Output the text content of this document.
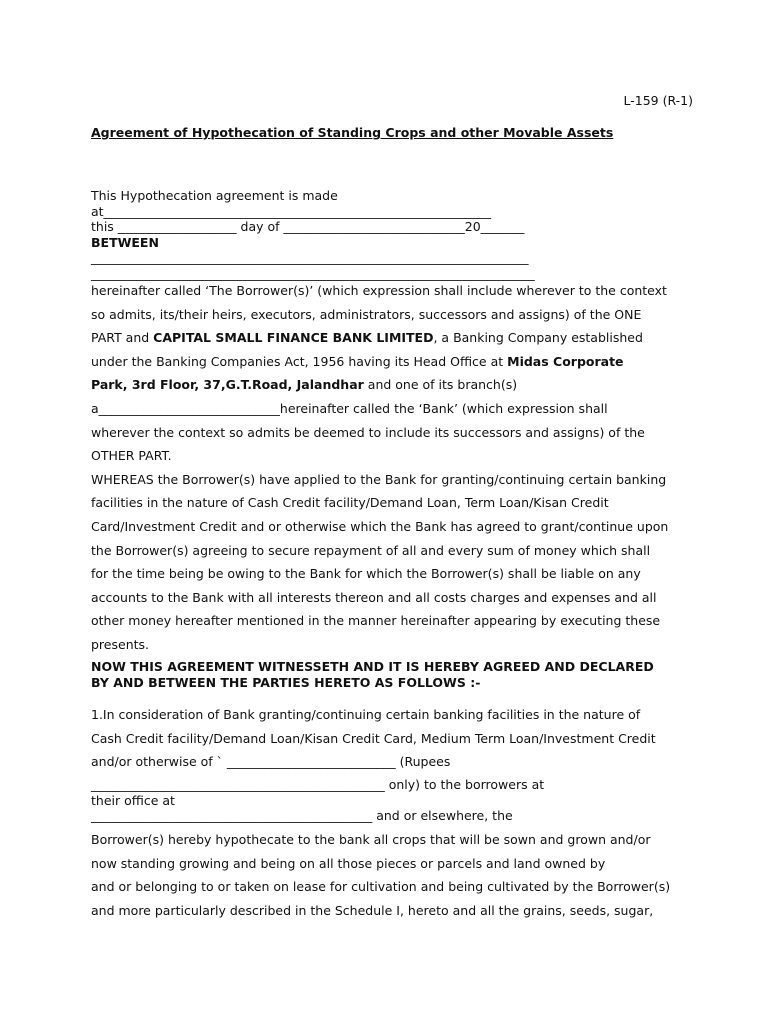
L-159 (R-1)
Agreement of Hypothecation of Standing Crops and other Movable Assets
This Hypothecation agreement is made
at______________________________________________________________
this ___________________ day of _____________________________20_______
BETWEEN
______________________________________________________________________
_______________________________________________________________________
hereinafter called ‘The Borrower(s)’ (which expression shall include wherever to the context
so admits, its/their heirs, executors, administrators, successors and assigns) of the ONE
PART and CAPITAL SMALL FINANCE BANK LIMITED, a Banking Company established
under the Banking Companies Act, 1956 having its Head Office at Midas Corporate
Park, 3rd Floor, 37,G.T.Road, Jalandhar and one of its branch(s)
a_____________________________hereinafter called the ‘Bank’ (which expression shall
wherever the context so admits be deemed to include its successors and assigns) of the
OTHER PART.
WHEREAS the Borrower(s) have applied to the Bank for granting/continuing certain banking
facilities in the nature of Cash Credit facility/Demand Loan, Term Loan/Kisan Credit
Card/Investment Credit and or otherwise which the Bank has agreed to grant/continue upon
the Borrower(s) agreeing to secure repayment of all and every sum of money which shall
for the time being be owing to the Bank for which the Borrower(s) shall be liable on any
accounts to the Bank with all interests thereon and all costs charges and expenses and all
other money hereafter mentioned in the manner hereinafter appearing by executing these
presents.
NOW THIS AGREEMENT WITNESSETH AND IT IS HEREBY AGREED AND DECLARED
BY AND BETWEEN THE PARTIES HERETO AS FOLLOWS :-
1.In consideration of Bank granting/continuing certain banking facilities in the nature of
Cash Credit facility/Demand Loan/Kisan Credit Card, Medium Term Loan/Investment Credit
and/or otherwise of ` ___________________________ (Rupees
_______________________________________________ only) to the borrowers at
their office at
_____________________________________________ and or elsewhere, the
Borrower(s) hereby hypothecate to the bank all crops that will be sown and grown and/or
now standing growing and being on all those pieces or parcels and land owned by
and or belonging to or taken on lease for cultivation and being cultivated by the Borrower(s)
and more particularly described in the Schedule I, hereto and all the grains, seeds, sugar,
